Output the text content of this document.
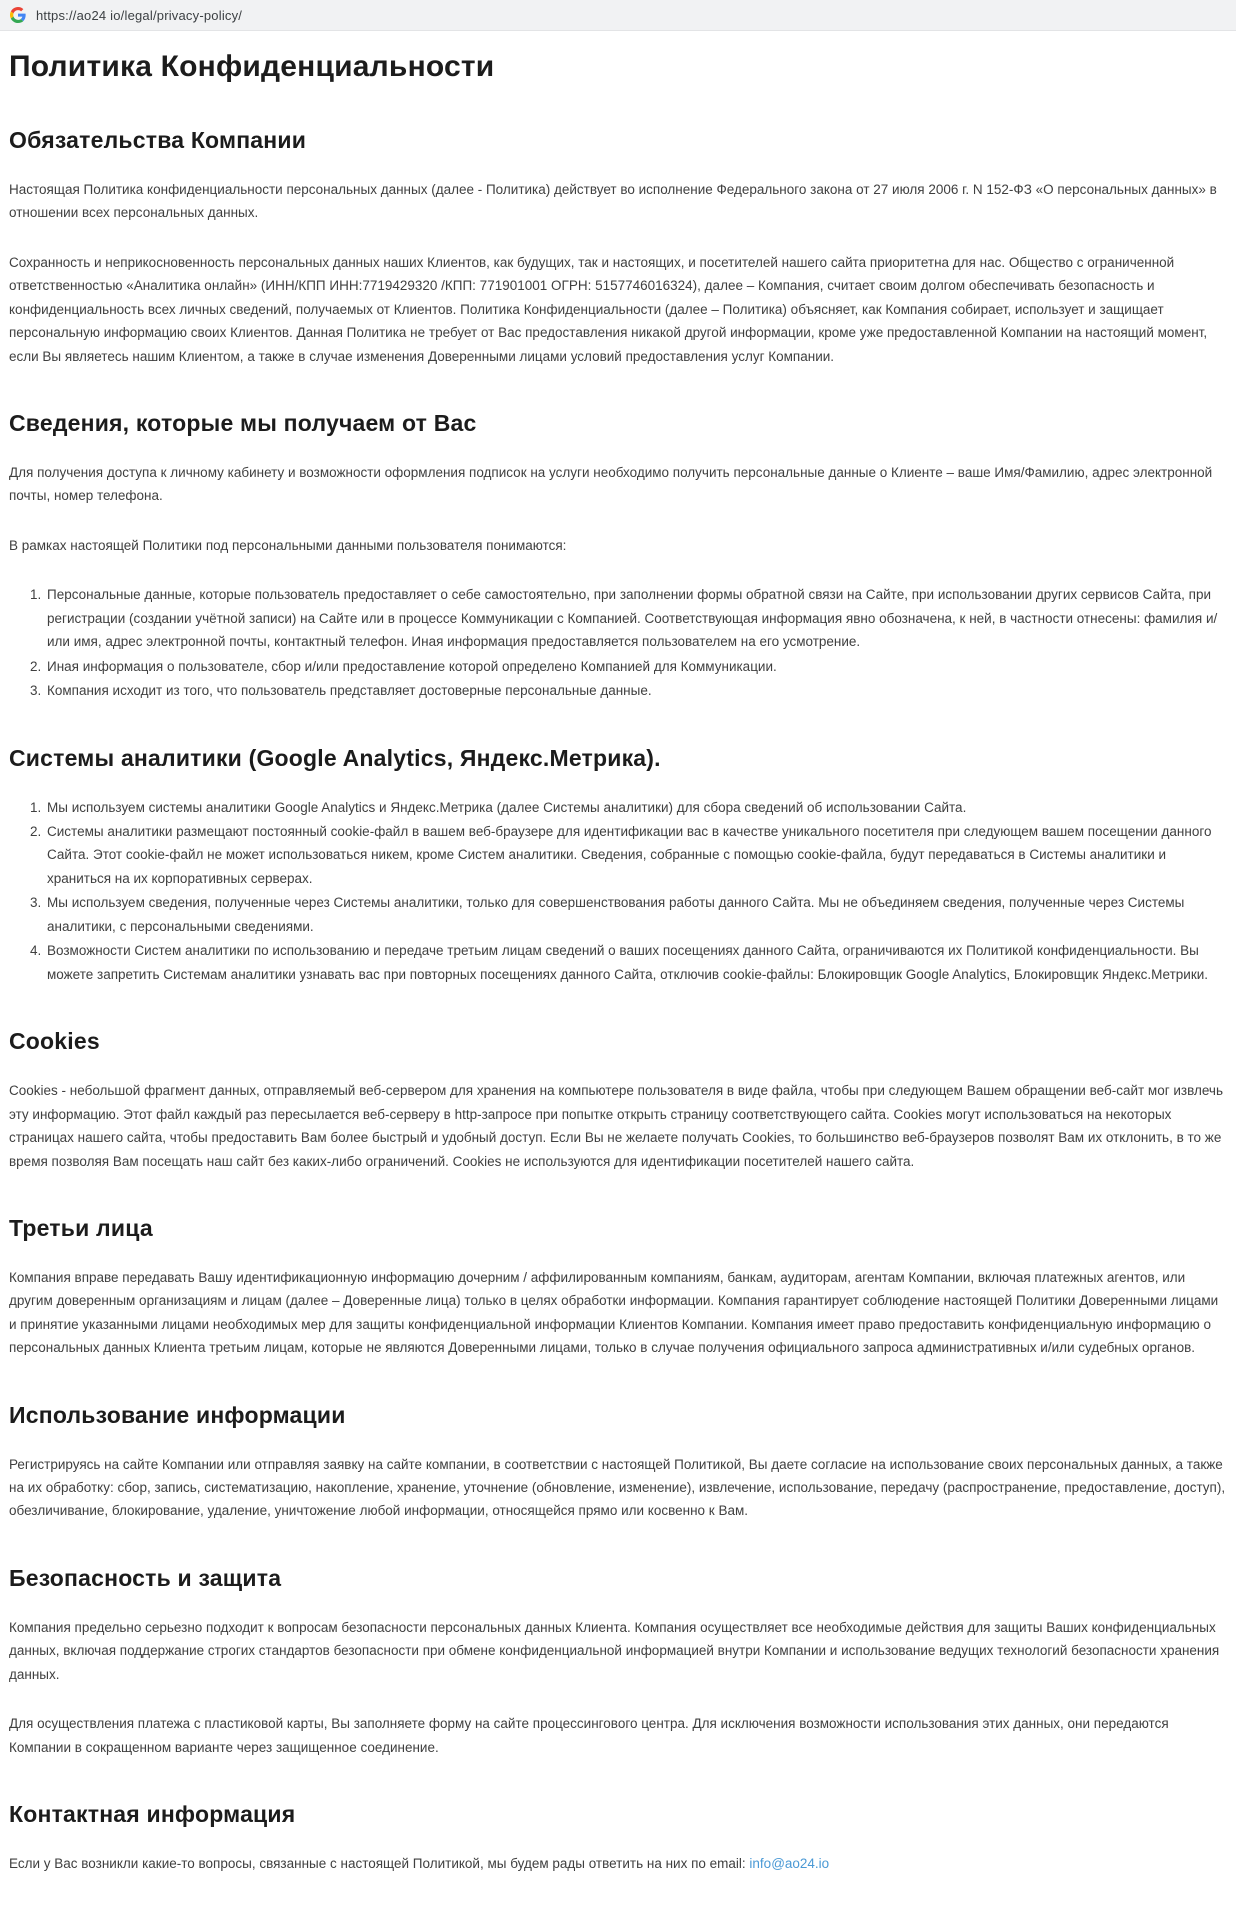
https://ao24 io/legal/privacy-policy/
Политика Конфиденциальности
Обязательства Компании

Настоящая Политика конфиденциальности персональных данных (далее - Политика) действует во исполнение Федерального закона от 27 июля 2006 г. N 152-ФЗ «О персональных данных» в отношении всех персональных данных.

Сохранность и неприкосновенность персональных данных наших Клиентов, как будущих, так и настоящих, и посетителей нашего сайта приоритетна для нас. Общество с ограниченной ответственностью «Аналитика онлайн» (ИНН/КПП ИНН:7719429320 /КПП: 771901001 ОГРН: 5157746016324), далее – Компания, считает своим долгом обеспечивать безопасность и конфиденциальность всех личных сведений, получаемых от Клиентов. Политика Конфиденциальности (далее – Политика) объясняет, как Компания собирает, использует и защищает персональную информацию своих Клиентов. Данная Политика не требует от Вас предоставления никакой другой информации, кроме уже предоставленной Компании на настоящий момент, если Вы являетесь нашим Клиентом, а также в случае изменения Доверенными лицами условий предоставления услуг Компании.

Сведения, которые мы получаем от Вас

Для получения доступа к личному кабинету и возможности оформления подписок на услуги необходимо получить персональные данные о Клиенте – ваше Имя/Фамилию, адрес электронной почты, номер телефона.

В рамках настоящей Политики под персональными данными пользователя понимаются:

1. Персональные данные, которые пользователь предоставляет о себе самостоятельно, при заполнении формы обратной связи на Сайте, при использовании других сервисов Сайта, при регистрации (создании учётной записи) на Сайте или в процессе Коммуникации с Компанией. Соответствующая информация явно обозначена, к ней, в частности отнесены: фамилия и/или имя, адрес электронной почты, контактный телефон. Иная информация предоставляется пользователем на его усмотрение.
2. Иная информация о пользователе, сбор и/или предоставление которой определено Компанией для Коммуникации.
3. Компания исходит из того, что пользователь представляет достоверные персональные данные.
Системы аналитики (Google Analytics, Яндекс.Метрика).
1. Мы используем системы аналитики Google Analytics и Яндекс.Метрика (далее Системы аналитики) для сбора сведений об использовании Сайта.
2. Системы аналитики размещают постоянный cookie-файл в вашем веб-браузере для идентификации вас в качестве уникального посетителя при следующем вашем посещении данного Сайта. Этот cookie-файл не может использоваться никем, кроме Систем аналитики. Сведения, собранные с помощью cookie-файла, будут передаваться в Системы аналитики и храниться на их корпоративных серверах.
3. Мы используем сведения, полученные через Системы аналитики, только для совершенствования работы данного Сайта. Мы не объединяем сведения, полученные через Системы аналитики, с персональными сведениями.
4. Возможности Систем аналитики по использованию и передаче третьим лицам сведений о ваших посещениях данного Сайта, ограничиваются их Политикой конфиденциальности. Вы можете запретить Системам аналитики узнавать вас при повторных посещениях данного Сайта, отключив cookie-файлы: Блокировщик Google Analytics, Блокировщик Яндекс.Метрики.
Cookies

Cookies - небольшой фрагмент данных, отправляемый веб-сервером для хранения на компьютере пользователя в виде файла, чтобы при следующем Вашем обращении веб-сайт мог извлечь эту информацию. Этот файл каждый раз пересылается веб-серверу в http-запросе при попытке открыть страницу соответствующего сайта. Cookies могут использоваться на некоторых страницах нашего сайта, чтобы предоставить Вам более быстрый и удобный доступ. Если Вы не желаете получать Cookies, то большинство веб-браузеров позволят Вам их отклонить, в то же время позволяя Вам посещать наш сайт без каких-либо ограничений. Cookies не используются для идентификации посетителей нашего сайта.

Третьи лица

Компания вправе передавать Вашу идентификационную информацию дочерним / аффилированным компаниям, банкам, аудиторам, агентам Компании, включая платежных агентов, или другим доверенным организациям и лицам (далее – Доверенные лица) только в целях обработки информации. Компания гарантирует соблюдение настоящей Политики Доверенными лицами и принятие указанными лицами необходимых мер для защиты конфиденциальной информации Клиентов Компании. Компания имеет право предоставить конфиденциальную информацию о персональных данных Клиента третьим лицам, которые не являются Доверенными лицами, только в случае получения официального запроса административных и/или судебных органов.

Использование информации

Регистрируясь на сайте Компании или отправляя заявку на сайте компании, в соответствии с настоящей Политикой, Вы даете согласие на использование своих персональных данных, а также на их обработку: сбор, запись, систематизацию, накопление, хранение, уточнение (обновление, изменение), извлечение, использование, передачу (распространение, предоставление, доступ), обезличивание, блокирование, удаление, уничтожение любой информации, относящейся прямо или косвенно к Вам.

Безопасность и защита

Компания предельно серьезно подходит к вопросам безопасности персональных данных Клиента. Компания осуществляет все необходимые действия для защиты Ваших конфиденциальных данных, включая поддержание строгих стандартов безопасности при обмене конфиденциальной информацией внутри Компании и использование ведущих технологий безопасности хранения данных.

Для осуществления платежа с пластиковой карты, Вы заполняете форму на сайте процессингового центра. Для исключения возможности использования этих данных, они передаются Компании в сокращенном варианте через защищенное соединение.

Контактная информация

Если у Вас возникли какие-то вопросы, связанные с настоящей Политикой, мы будем рады ответить на них по email: info@ao24.io
